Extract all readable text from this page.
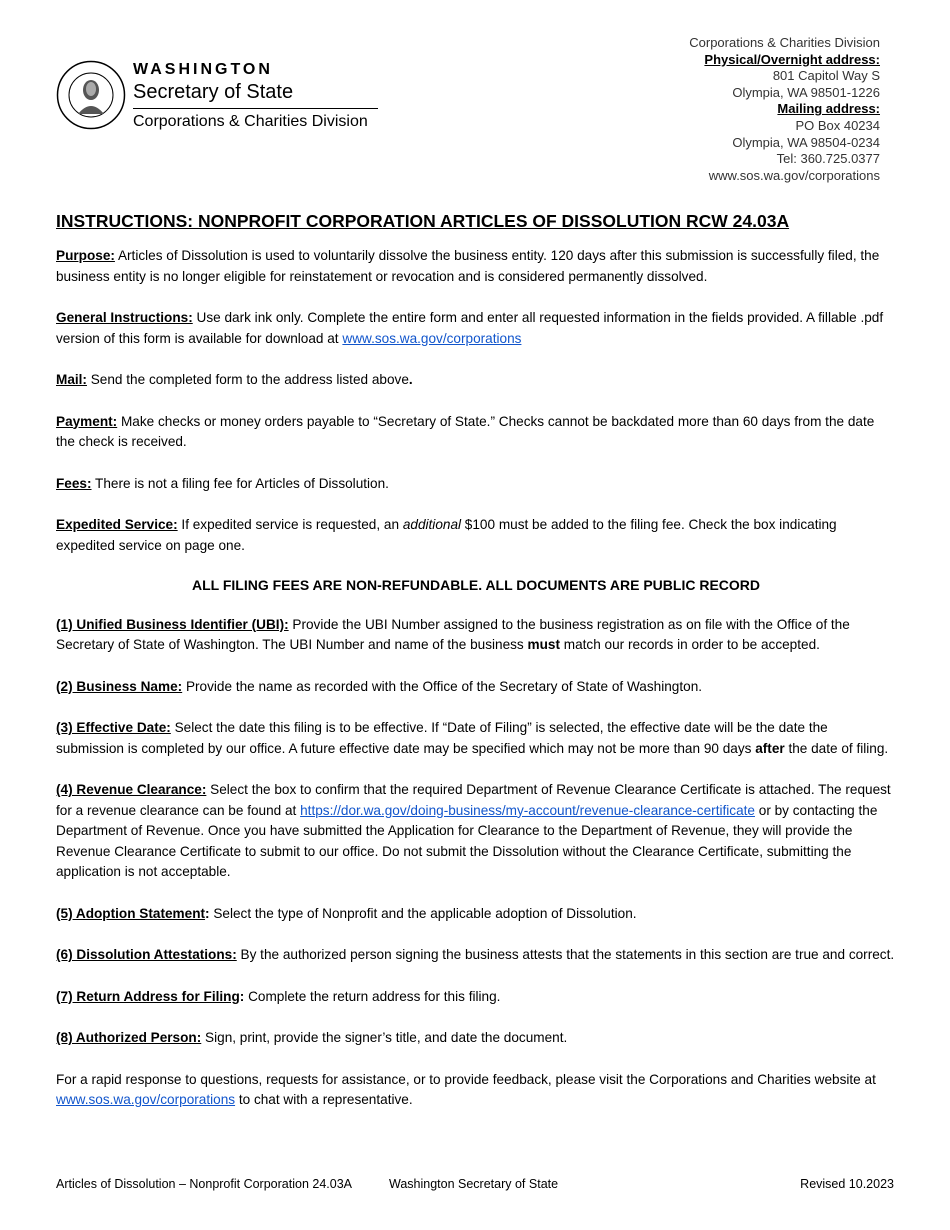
WASHINGTON
Secretary of State
Corporations & Charities Division
Corporations & Charities Division
Physical/Overnight address:
801 Capitol Way S
Olympia, WA 98501-1226
Mailing address:
PO Box 40234
Olympia, WA 98504-0234
Tel: 360.725.0377
www.sos.wa.gov/corporations
INSTRUCTIONS: NONPROFIT CORPORATION ARTICLES OF DISSOLUTION RCW 24.03A

Purpose: Articles of Dissolution is used to voluntarily dissolve the business entity. 120 days after this submission is successfully filed, the business entity is no longer eligible for reinstatement or revocation and is considered permanently dissolved.

General Instructions: Use dark ink only. Complete the entire form and enter all requested information in the fields provided. A fillable .pdf version of this form is available for download at www.sos.wa.gov/corporations

Mail: Send the completed form to the address listed above.

Payment: Make checks or money orders payable to “Secretary of State.” Checks cannot be backdated more than 60 days from the date the check is received.

Fees: There is not a filing fee for Articles of Dissolution.

Expedited Service: If expedited service is requested, an additional $100 must be added to the filing fee. Check the box indicating expedited service on page one.

ALL FILING FEES ARE NON-REFUNDABLE. ALL DOCUMENTS ARE PUBLIC RECORD

(1) Unified Business Identifier (UBI): Provide the UBI Number assigned to the business registration as on file with the Office of the Secretary of State of Washington. The UBI Number and name of the business must match our records in order to be accepted.

(2) Business Name: Provide the name as recorded with the Office of the Secretary of State of Washington.

(3) Effective Date: Select the date this filing is to be effective. If “Date of Filing” is selected, the effective date will be the date the submission is completed by our office. A future effective date may be specified which may not be more than 90 days after the date of filing.

(4) Revenue Clearance: Select the box to confirm that the required Department of Revenue Clearance Certificate is attached. The request for a revenue clearance can be found at https://dor.wa.gov/doing-business/my-account/revenue-clearance-certificate or by contacting the Department of Revenue. Once you have submitted the Application for Clearance to the Department of Revenue, they will provide the Revenue Clearance Certificate to submit to our office. Do not submit the Dissolution without the Clearance Certificate, submitting the application is not acceptable.

(5) Adoption Statement: Select the type of Nonprofit and the applicable adoption of Dissolution.

(6) Dissolution Attestations: By the authorized person signing the business attests that the statements in this section are true and correct.

(7) Return Address for Filing: Complete the return address for this filing.

(8) Authorized Person: Sign, print, provide the signer’s title, and date the document.

For a rapid response to questions, requests for assistance, or to provide feedback, please visit the Corporations and Charities website at www.sos.wa.gov/corporations to chat with a representative.

Articles of Dissolution – Nonprofit Corporation 24.03A	Washington Secretary of State	Revised 10.2023
